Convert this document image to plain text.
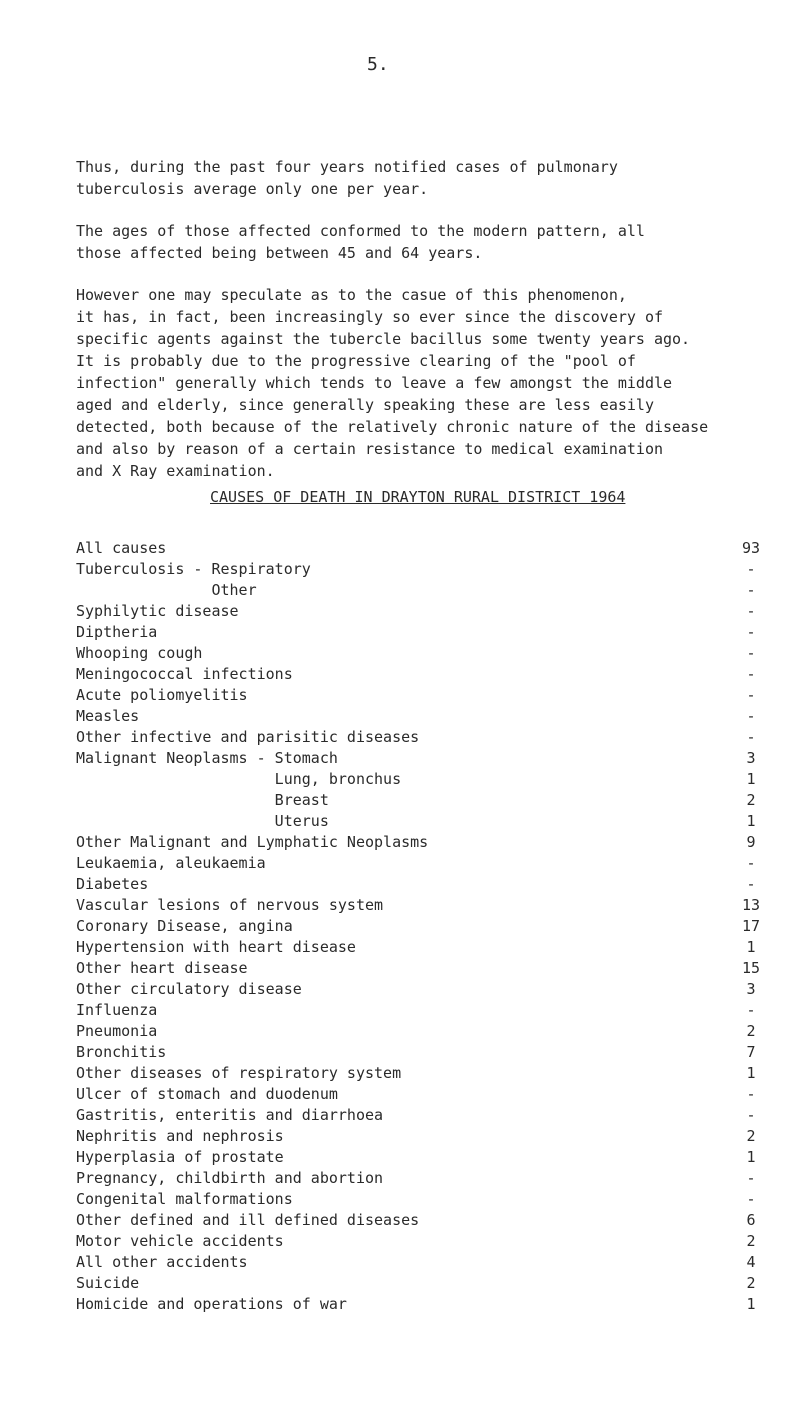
5.

Thus, during the past four years notified cases of pulmonary
tuberculosis average only one per year.

The ages of those affected conformed to the modern pattern, all
those affected being between 45 and 64 years.

However one may speculate as to the casue of this phenomenon,
it has, in fact, been increasingly so ever since the discovery of
specific agents against the tubercle bacillus some twenty years ago.
It is probably due to the progressive clearing of the "pool of
infection" generally which tends to leave a few amongst the middle
aged and elderly, since generally speaking these are less easily
detected, both because of the relatively chronic nature of the disease
and also by reason of a certain resistance to medical examination
and X Ray examination.

CAUSES OF DEATH IN DRAYTON RURAL DISTRICT 1964
All causes	93
Tuberculosis - Respiratory	-
Other	-
Syphilytic disease	-
Diptheria	-
Whooping cough	-
Meningococcal infections	-
Acute poliomyelitis	-
Measles	-
Other infective and parisitic diseases	-
Malignant Neoplasms - Stomach	3
Lung, bronchus	1
Breast	2
Uterus	1
Other Malignant and Lymphatic Neoplasms	9
Leukaemia, aleukaemia	-
Diabetes	-
Vascular lesions of nervous system	13
Coronary Disease, angina	17
Hypertension with heart disease	1
Other heart disease	15
Other circulatory disease	3
Influenza	-
Pneumonia	2
Bronchitis	7
Other diseases of respiratory system	1
Ulcer of stomach and duodenum	-
Gastritis, enteritis and diarrhoea	-
Nephritis and nephrosis	2
Hyperplasia of prostate	1
Pregnancy, childbirth and abortion	-
Congenital malformations	-
Other defined and ill defined diseases	6
Motor vehicle accidents	2
All other accidents	4
Suicide	2
Homicide and operations of war	1
